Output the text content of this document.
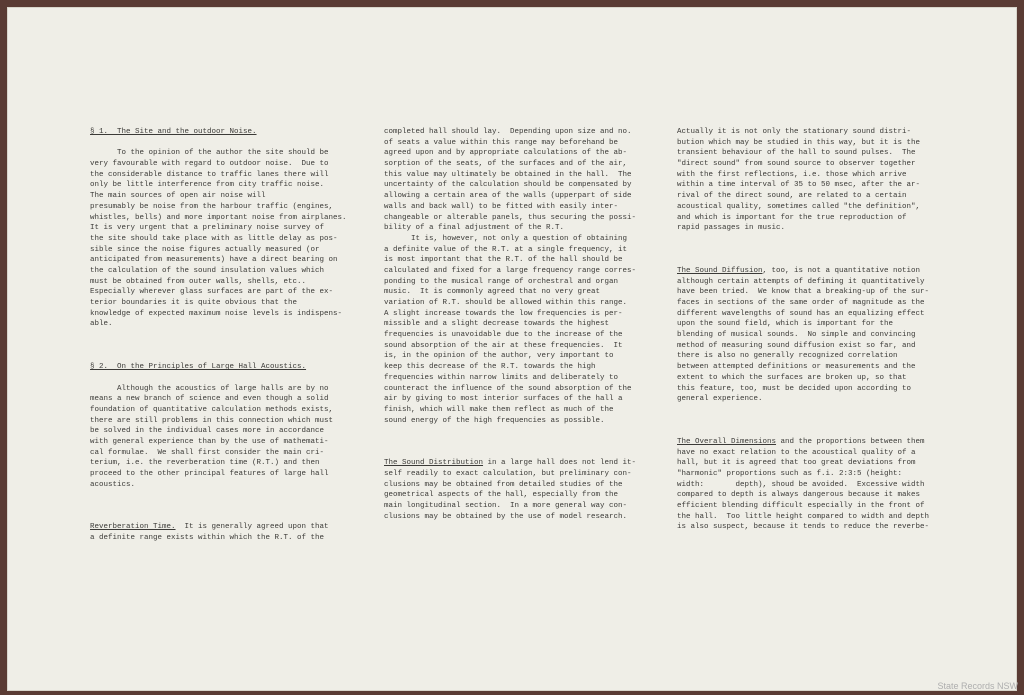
§ 1.  The Site and the outdoor Noise.
To the opinion of the author the site should be
very favourable with regard to outdoor noise.  Due to
the considerable distance to traffic lanes there will
only be little interference from city traffic noise.
The main sources of open air noise will
presumably be noise from the harbour traffic (engines,
whistles, bells) and more important noise from airplanes.
It is very urgent that a preliminary noise survey of
the site should take place with as little delay as pos-
sible since the noise figures actually measured (or
anticipated from measurements) have a direct bearing on
the calculation of the sound insulation values which
must be obtained from outer walls, shells, etc..
Especially wherever glass surfaces are part of the ex-
terior boundaries it is quite obvious that the
knowledge of expected maximum noise levels is indispens-
able.
§ 2.  On the Principles of Large Hall Acoustics.
Although the acoustics of large halls are by no
means a new branch of science and even though a solid
foundation of quantitative calculation methods exists,
there are still problems in this connection which must
be solved in the individual cases more in accordance
with general experience than by the use of mathemati-
cal formulae.  We shall first consider the main cri-
terium, i.e. the reverberation time (R.T.) and then
proceed to the other principal features of large hall
acoustics.
Reverberation Time.  It is generally agreed upon that
a definite range exists within which the R.T. of the
completed hall should lay.  Depending upon size and no.
of seats a value within this range may beforehand be
agreed upon and by appropriate calculations of the ab-
sorption of the seats, of the surfaces and of the air,
this value may ultimately be obtained in the hall.  The
uncertainty of the calculation should be compensated by
allowing a certain area of the walls (upperpart of side
walls and back wall) to be fitted with easily inter-
changeable or alterable panels, thus securing the possi-
bility of a final adjustment of the R.T.
It is, however, not only a question of obtaining
a definite value of the R.T. at a single frequency, it
is most important that the R.T. of the hall should be
calculated and fixed for a large frequency range corres-
ponding to the musical range of orchestral and organ
music.  It is commonly agreed that no very great
variation of R.T. should be allowed within this range.
A slight increase towards the low frequencies is per-
missible and a slight decrease towards the highest
frequencies is unavoidable due to the increase of the
sound absorption of the air at these frequencies.  It
is, in the opinion of the author, very important to
keep this decrease of the R.T. towards the high
frequencies within narrow limits and deliberately to
counteract the influence of the sound absorption of the
air by giving to most interior surfaces of the hall a
finish, which will make them reflect as much of the
sound energy of the high frequencies as possible.
The Sound Distribution in a large hall does not lend it-
self readily to exact calculation, but preliminary con-
clusions may be obtained from detailed studies of the
geometrical aspects of the hall, especially from the
main longitudinal section.  In a more general way con-
clusions may be obtained by the use of model research.
Actually it is not only the stationary sound distri-
bution which may be studied in this way, but it is the
transient behaviour of the hall to sound pulses.  The
"direct sound" from sound source to observer together
with the first reflections, i.e. those which arrive
within a time interval of 35 to 50 msec, after the ar-
rival of the direct sound, are related to a certain
acoustical quality, sometimes called "the definition",
and which is important for the true reproduction of
rapid passages in music.
The Sound Diffusion, too, is not a quantitative notion
although certain attempts of defiming it quantitatively
have been tried.  We know that a breaking-up of the sur-
faces in sections of the same order of magnitude as the
different wavelengths of sound has an equalizing effect
upon the sound field, which is important for the
blending of musical sounds.  No simple and convincing
method of measuring sound diffusion exist so far, and
there is also no generally recognized correlation
between attempted definitions or measurements and the
extent to which the surfaces are broken up, so that
this feature, too, must be decided upon according to
general experience.
The Overall Dimensions and the proportions between them
have no exact relation to the acoustical quality of a
hall, but it is agreed that too great deviations from
"harmonic" proportions such as f.i. 2:3:5 (height:
width:       depth), shoud be avoided.  Excessive width
compared to depth is always dangerous because it makes
efficient blending difficult especially in the front of
the hall.  Too little height compared to width and depth
is also suspect, because it tends to reduce the reverbe-
State Records NSW
